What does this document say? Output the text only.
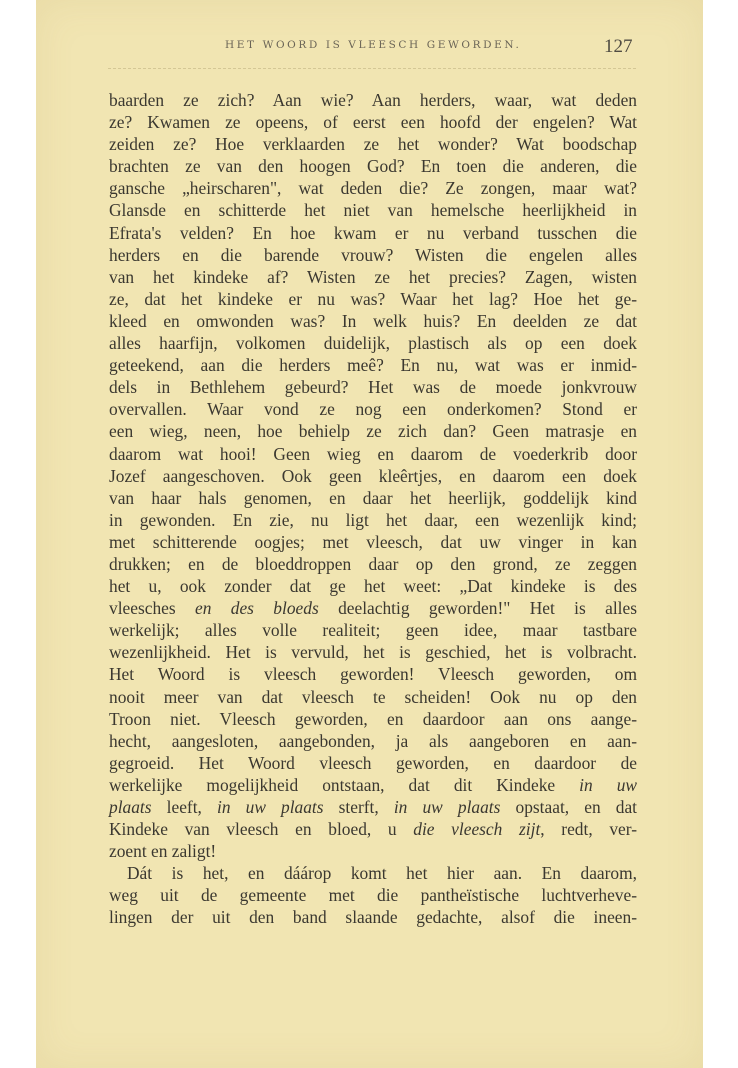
HET WOORD IS VLEESCH GEWORDEN.	127
baarden ze zich? Aan wie? Aan herders, waar, wat deden
ze? Kwamen ze opeens, of eerst een hoofd der engelen? Wat
zeiden ze? Hoe verklaarden ze het wonder? Wat boodschap
brachten ze van den hoogen God? En toen die anderen, die
gansche „heirscharen", wat deden die? Ze zongen, maar wat?
Glansde en schitterde het niet van hemelsche heerlijkheid in
Efrata's velden? En hoe kwam er nu verband tusschen die
herders en die barende vrouw? Wisten die engelen alles
van het kindeke af? Wisten ze het precies? Zagen, wisten
ze, dat het kindeke er nu was? Waar het lag? Hoe het ge-
kleed en omwonden was? In welk huis? En deelden ze dat
alles haarfijn, volkomen duidelijk, plastisch als op een doek
geteekend, aan die herders meê? En nu, wat was er inmid-
dels in Bethlehem gebeurd? Het was de moede jonkvrouw
overvallen. Waar vond ze nog een onderkomen? Stond er
een wieg, neen, hoe behielp ze zich dan? Geen matrasje en
daarom wat hooi! Geen wieg en daarom de voederkrib door
Jozef aangeschoven. Ook geen kleêrtjes, en daarom een doek
van haar hals genomen, en daar het heerlijk, goddelijk kind
in gewonden. En zie, nu ligt het daar, een wezenlijk kind;
met schitterende oogjes; met vleesch, dat uw vinger in kan
drukken; en de bloeddroppen daar op den grond, ze zeggen
het u, ook zonder dat ge het weet: „Dat kindeke is des
vleesches en des bloeds deelachtig geworden!" Het is alles
werkelijk; alles volle realiteit; geen idee, maar tastbare
wezenlijkheid. Het is vervuld, het is geschied, het is volbracht.
Het Woord is vleesch geworden! Vleesch geworden, om
nooit meer van dat vleesch te scheiden! Ook nu op den
Troon niet. Vleesch geworden, en daardoor aan ons aange-
hecht, aangesloten, aangebonden, ja als aangeboren en aan-
gegroeid. Het Woord vleesch geworden, en daardoor de
werkelijke mogelijkheid ontstaan, dat dit Kindeke in uw
plaats leeft, in uw plaats sterft, in uw plaats opstaat, en dat
Kindeke van vleesch en bloed, u die vleesch zijt, redt, ver-
zoent en zaligt!
Dát is het, en dáárop komt het hier aan. En daarom,
weg uit de gemeente met die pantheïstische luchtverheve-
lingen der uit den band slaande gedachte, alsof die ineen-
